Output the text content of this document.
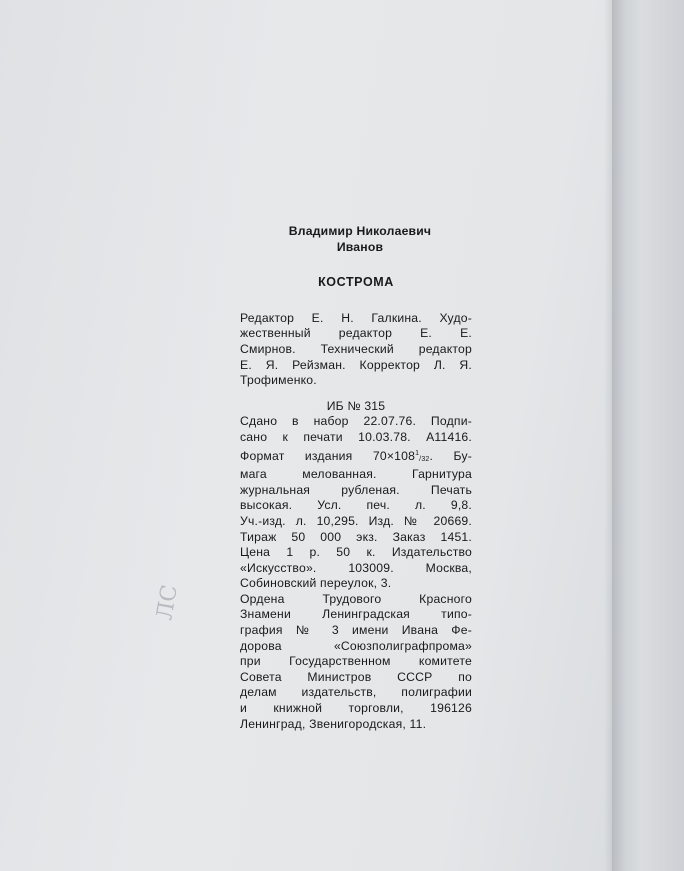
ЛС
Владимир Николаевич
Иванов
КОСТРОМА
Редактор Е. Н. Галкина. Худо-
жественный редактор Е. Е.
Смирнов. Технический редактор
Е. Я. Рейзман. Корректор Л. Я.
Трофименко.
ИБ № 315
Сдано в набор 22.07.76. Подпи-
сано к печати 10.03.78. А11416.
Формат издания $70\times 108^1_{/32}$. Бу-
мага мелованная. Гарнитура
журнальная рубленая. Печать
высокая. Усл. печ. л. 9,8.
Уч.-изд. л. 10,295. Изд. № 20669.
Тираж 50 000 экз. Заказ 1451.
Цена 1 р. 50 к. Издательство
«Искусство». 103009. Москва,
Собиновский переулок, 3.
Ордена Трудового Красного
Знамени Ленинградская типо-
графия № 3 имени Ивана Фе-
дорова «Союзполиграфпрома»
при Государственном комитете
Совета Министров СССР по
делам издательств, полиграфии
и книжной торговли, 196126
Ленинград, Звенигородская, 11.
